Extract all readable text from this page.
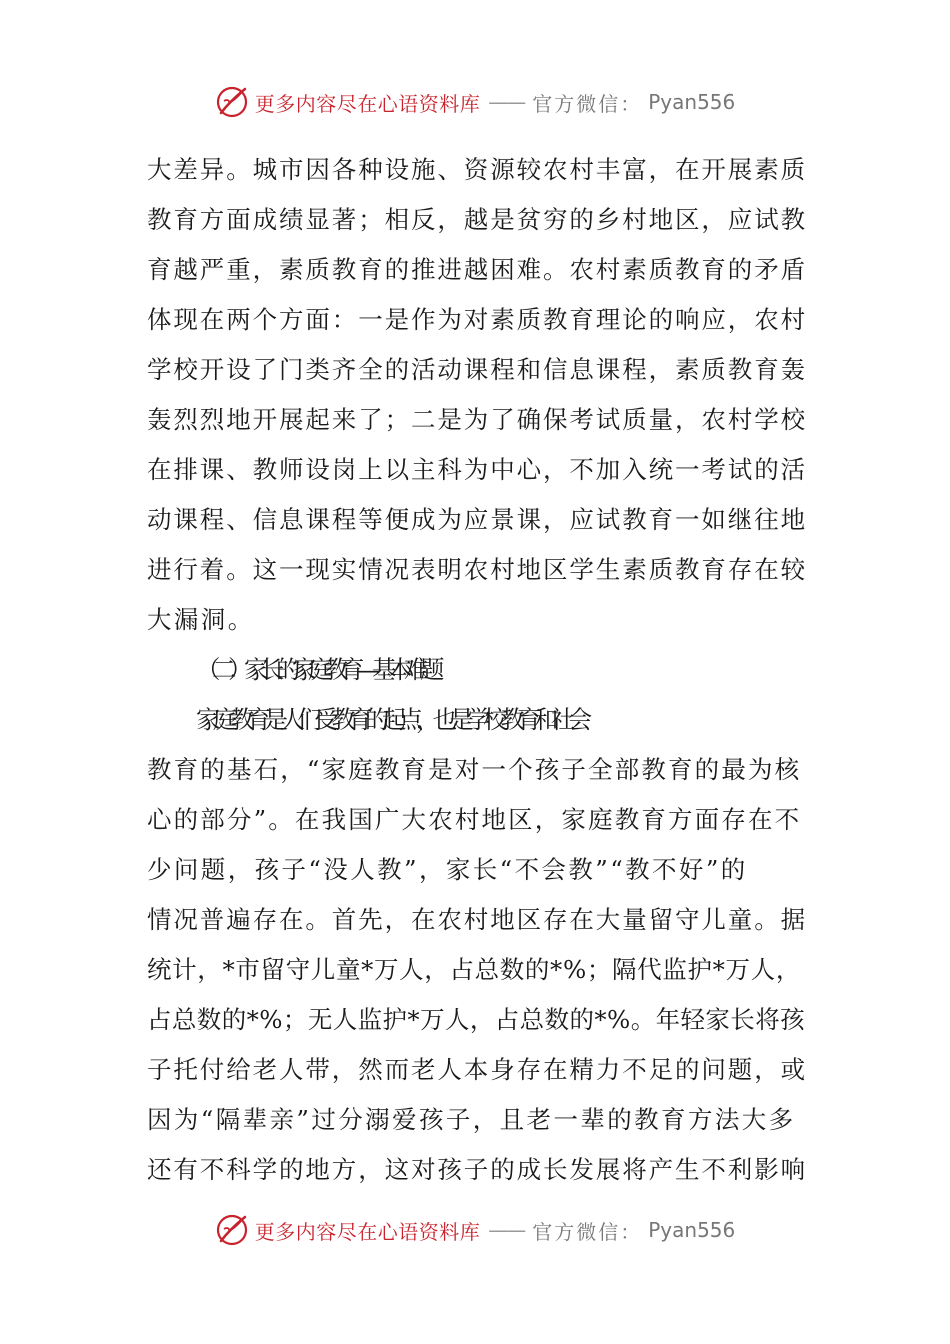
更多内容尽在心语资料库 —— 官方微信： Pyan556
大差异。城市因各种设施、资源较农村丰富，在开展素质
教育方面成绩显著；相反，越是贫穷的乡村地区，应试教
育越严重，素质教育的推进越困难。农村素质教育的矛盾
体现在两个方面：一是作为对素质教育理论的响应，农村
学校开设了门类齐全的活动课程和信息课程，素质教育轰
轰烈烈地开展起来了；二是为了确保考试质量，农村学校
在排课、教师设岗上以主科为中心，不加入统一考试的活
动课程、信息课程等便成为应景课，应试教育一如继往地
进行着。这一现实情况表明农村地区学生素质教育存在较
大漏洞。
（二）家长的家庭教育—基本难题
家庭教育是人们受教育的起点，也是学校教育和社会
教育的基石，“家庭教育是对一个孩子全部教育的最为核
心的部分”。在我国广大农村地区，家庭教育方面存在不
少问题，孩子“没人教”，家长“不会教”“教不好”的
情况普遍存在。首先，在农村地区存在大量留守儿童。据
统计，*市留守儿童*万人，占总数的*%；隔代监护*万人，
占总数的*%；无人监护*万人，占总数的*%。年轻家长将孩
子托付给老人带，然而老人本身存在精力不足的问题，或
因为“隔辈亲”过分溺爱孩子，且老一辈的教育方法大多
还有不科学的地方，这对孩子的成长发展将产生不利影响
更多内容尽在心语资料库 —— 官方微信： Pyan556
